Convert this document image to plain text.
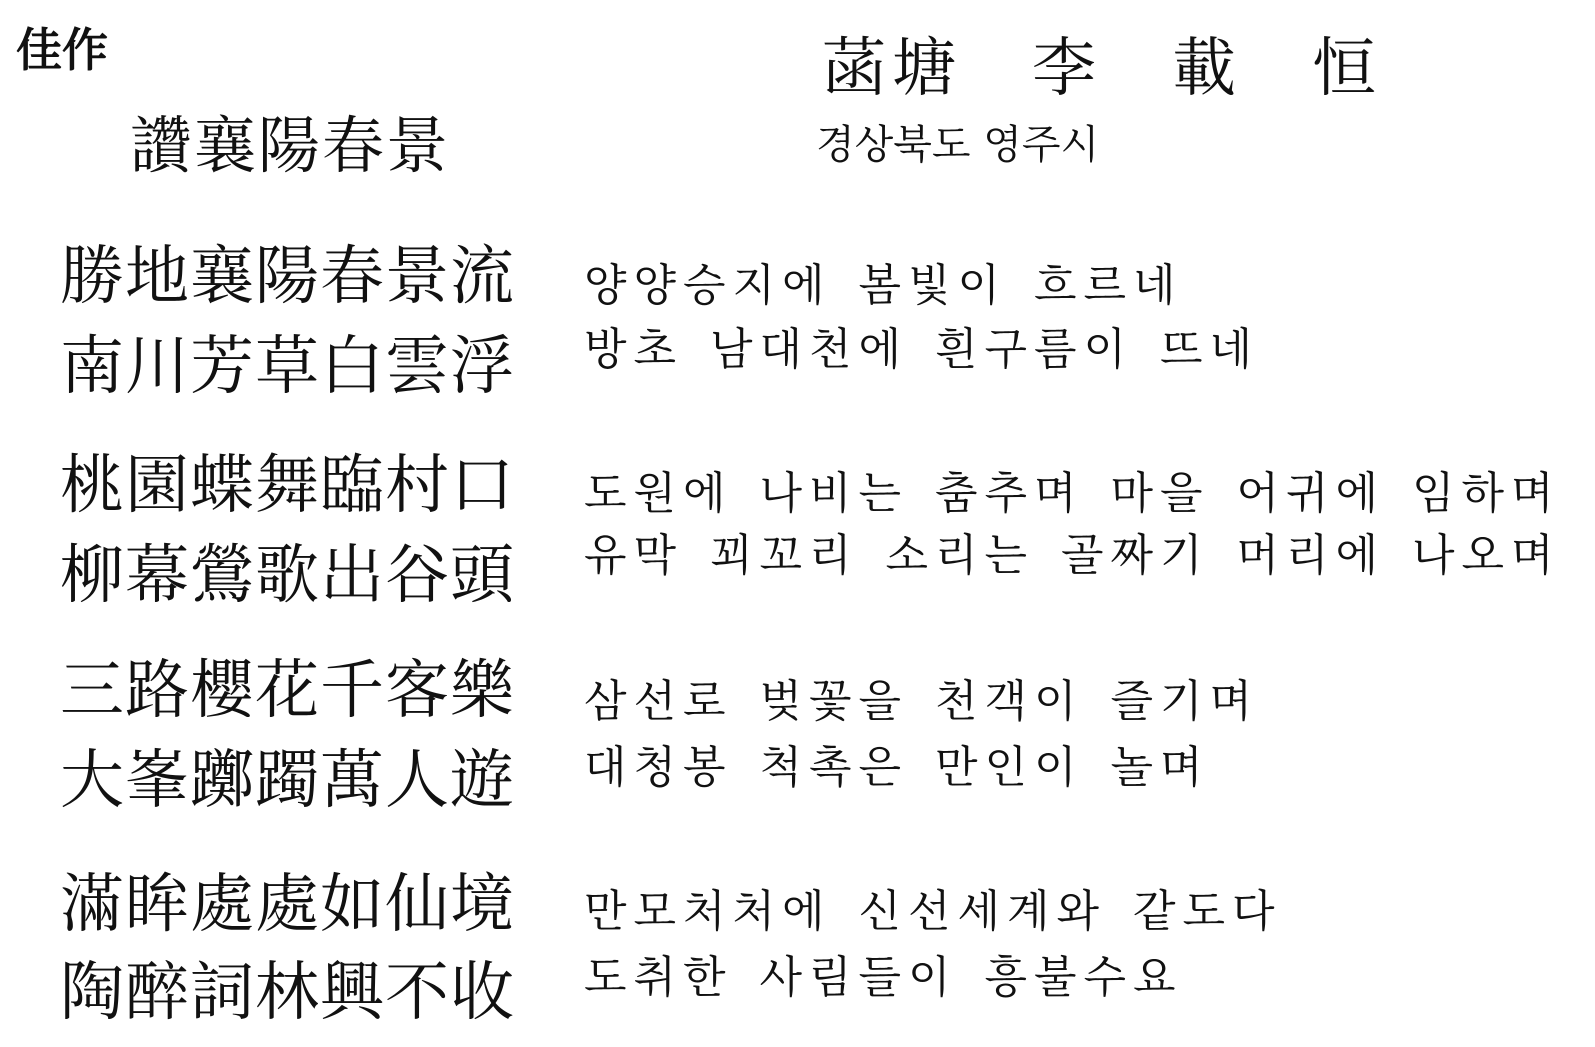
佳作
讚襄陽春景
菡塘　李　載　恒
경상북도 영주시
勝地襄陽春景流
南川芳草白雲浮
양양승지에 봄빛이 흐르네
방초 남대천에 흰구름이 뜨네
桃園蝶舞臨村口
柳幕鶯歌出谷頭
도원에 나비는 춤추며 마을 어귀에 임하며
유막 꾀꼬리 소리는 골짜기 머리에 나오며
三路櫻花千客樂
大峯躑躅萬人遊
삼선로 벚꽃을 천객이 즐기며
대청봉 척촉은 만인이 놀며
滿眸處處如仙境
陶醉詞林興不收
만모처처에 신선세계와 같도다
도취한 사림들이 흥불수요
